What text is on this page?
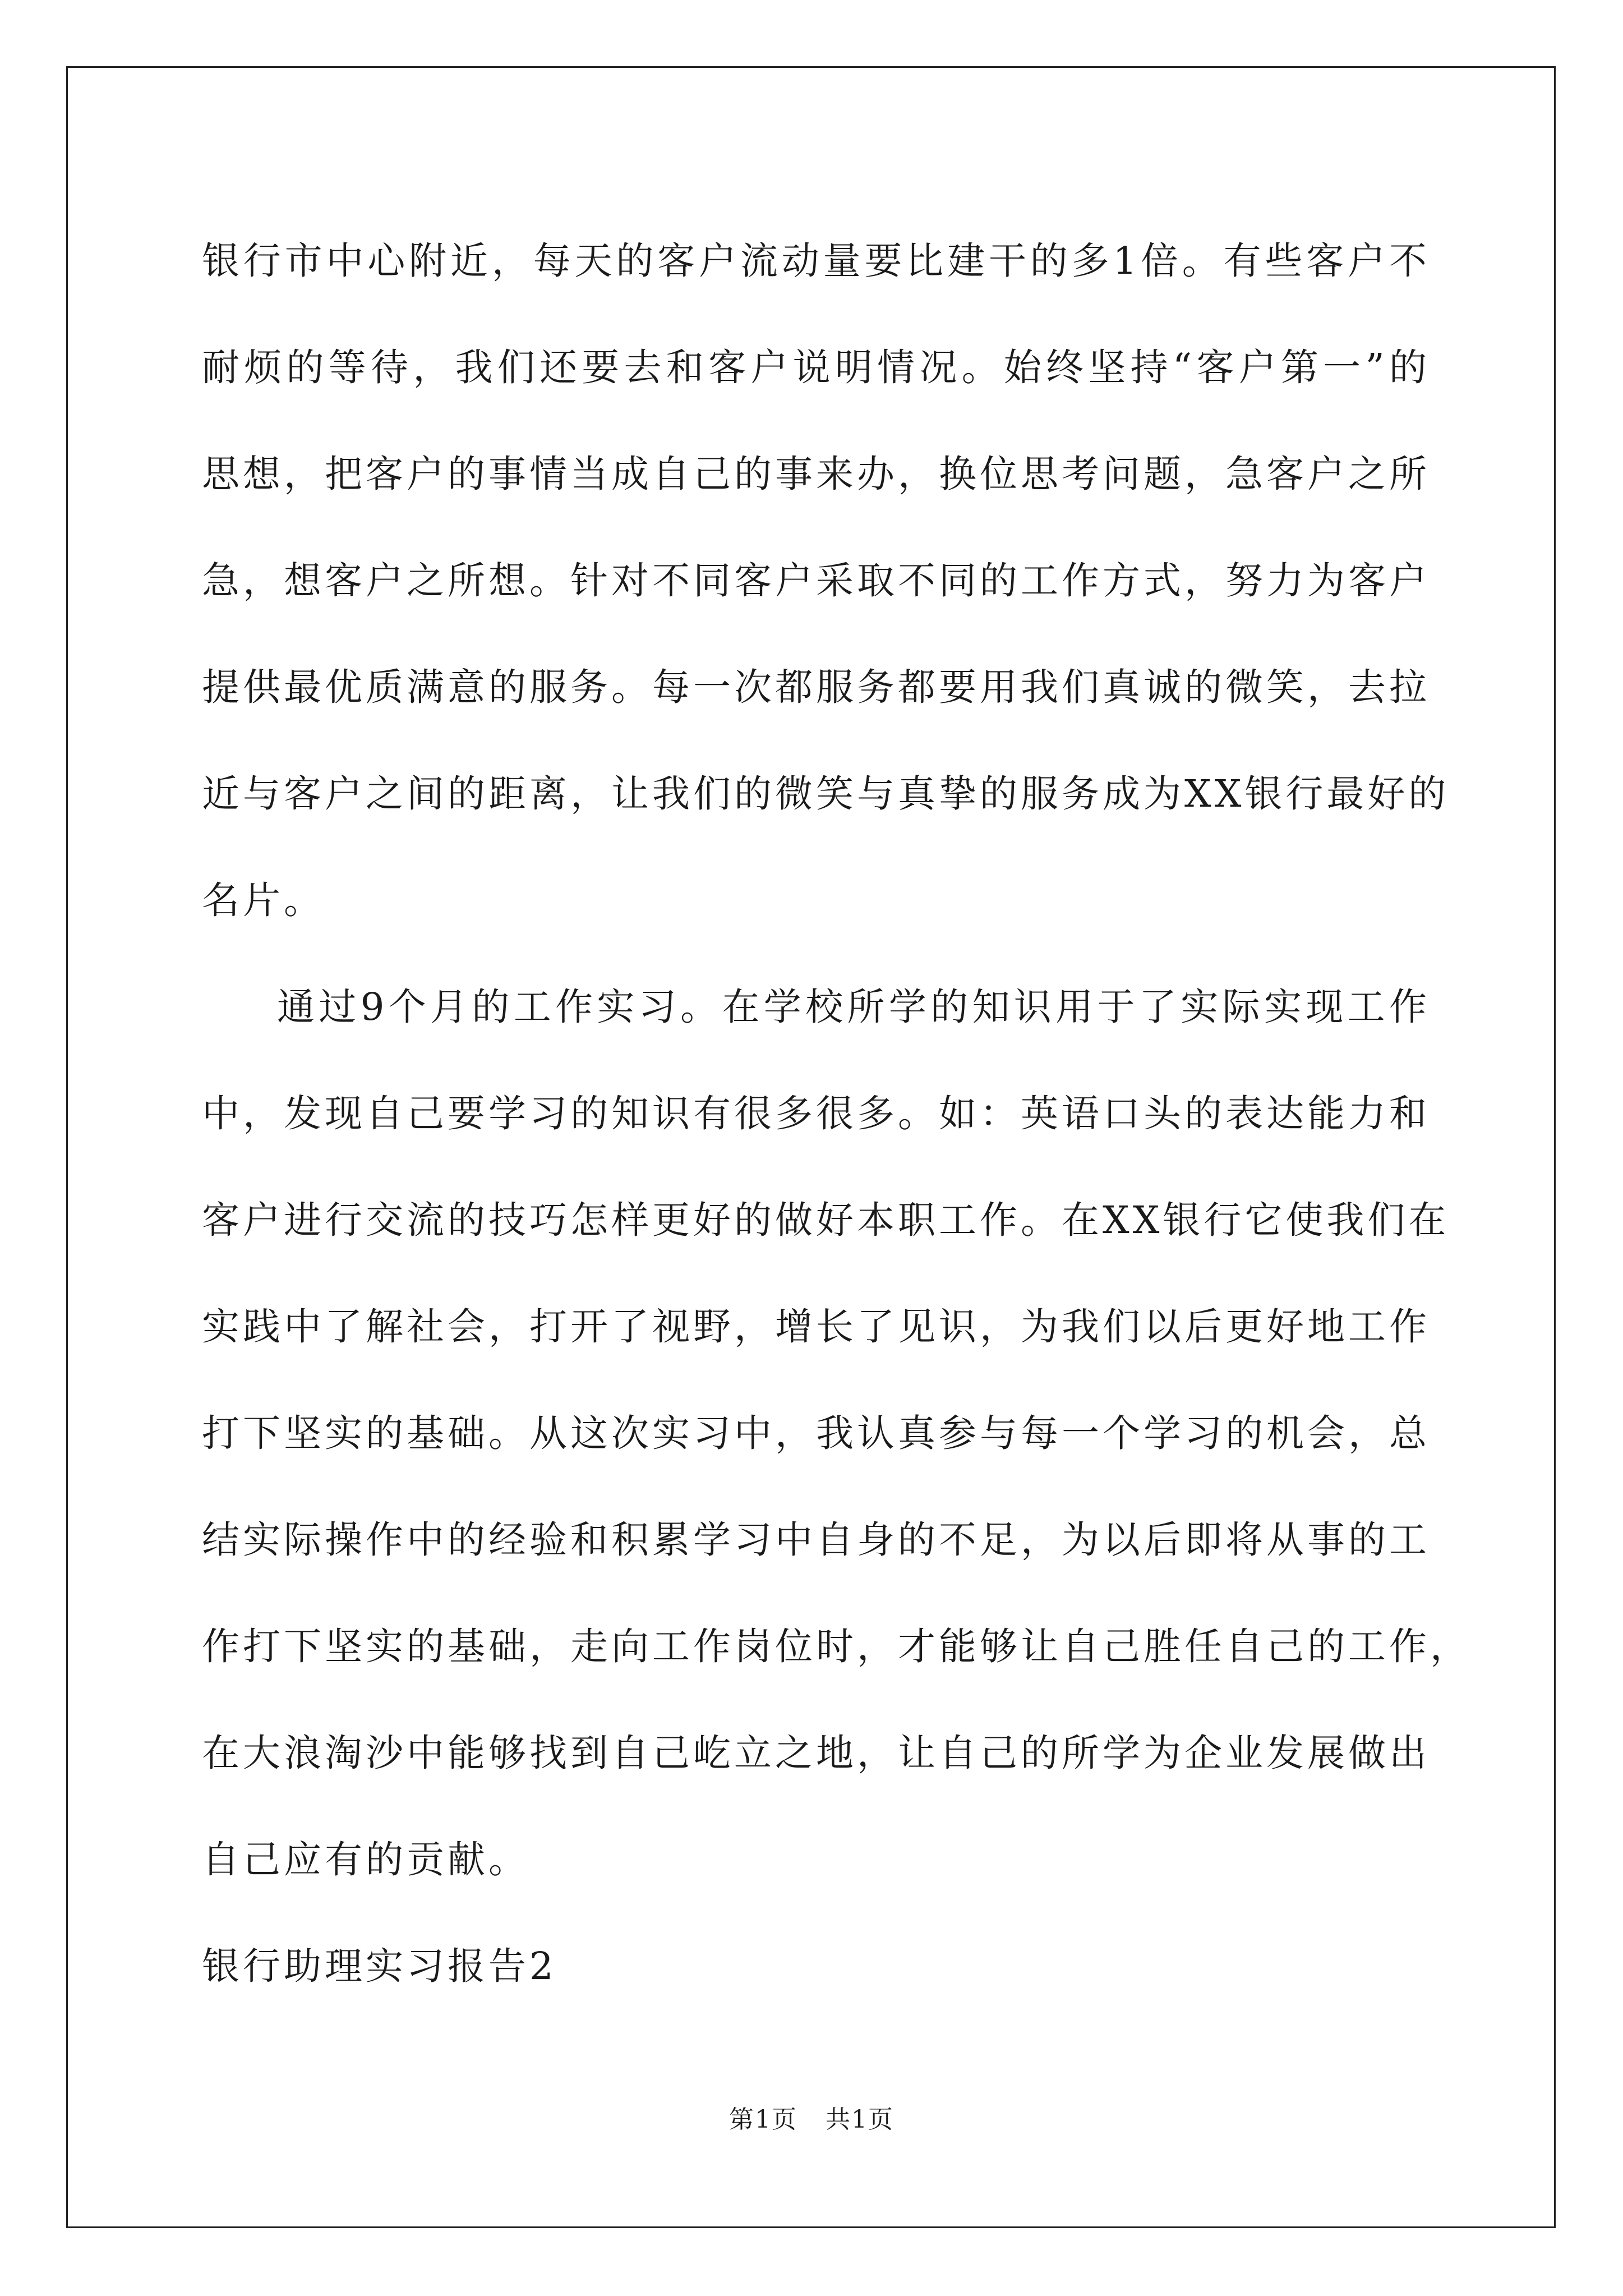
银行市中心附近，每天的客户流动量要比建干的多1倍。有些客户不
耐烦的等待，我们还要去和客户说明情况。始终坚持“客户第一”的
思想，把客户的事情当成自己的事来办，换位思考问题，急客户之所
急，想客户之所想。针对不同客户采取不同的工作方式，努力为客户
提供最优质满意的服务。每一次都服务都要用我们真诚的微笑，去拉
近与客户之间的距离，让我们的微笑与真挚的服务成为XX银行最好的
名片。
通过9个月的工作实习。在学校所学的知识用于了实际实现工作
中，发现自己要学习的知识有很多很多。如：英语口头的表达能力和
客户进行交流的技巧怎样更好的做好本职工作。在XX银行它使我们在
实践中了解社会，打开了视野，增长了见识，为我们以后更好地工作
打下坚实的基础。从这次实习中，我认真参与每一个学习的机会，总
结实际操作中的经验和积累学习中自身的不足，为以后即将从事的工
作打下坚实的基础，走向工作岗位时，才能够让自己胜任自己的工作，
在大浪淘沙中能够找到自己屹立之地，让自己的所学为企业发展做出
自己应有的贡献。
银行助理实习报告2
第1页 共1页
